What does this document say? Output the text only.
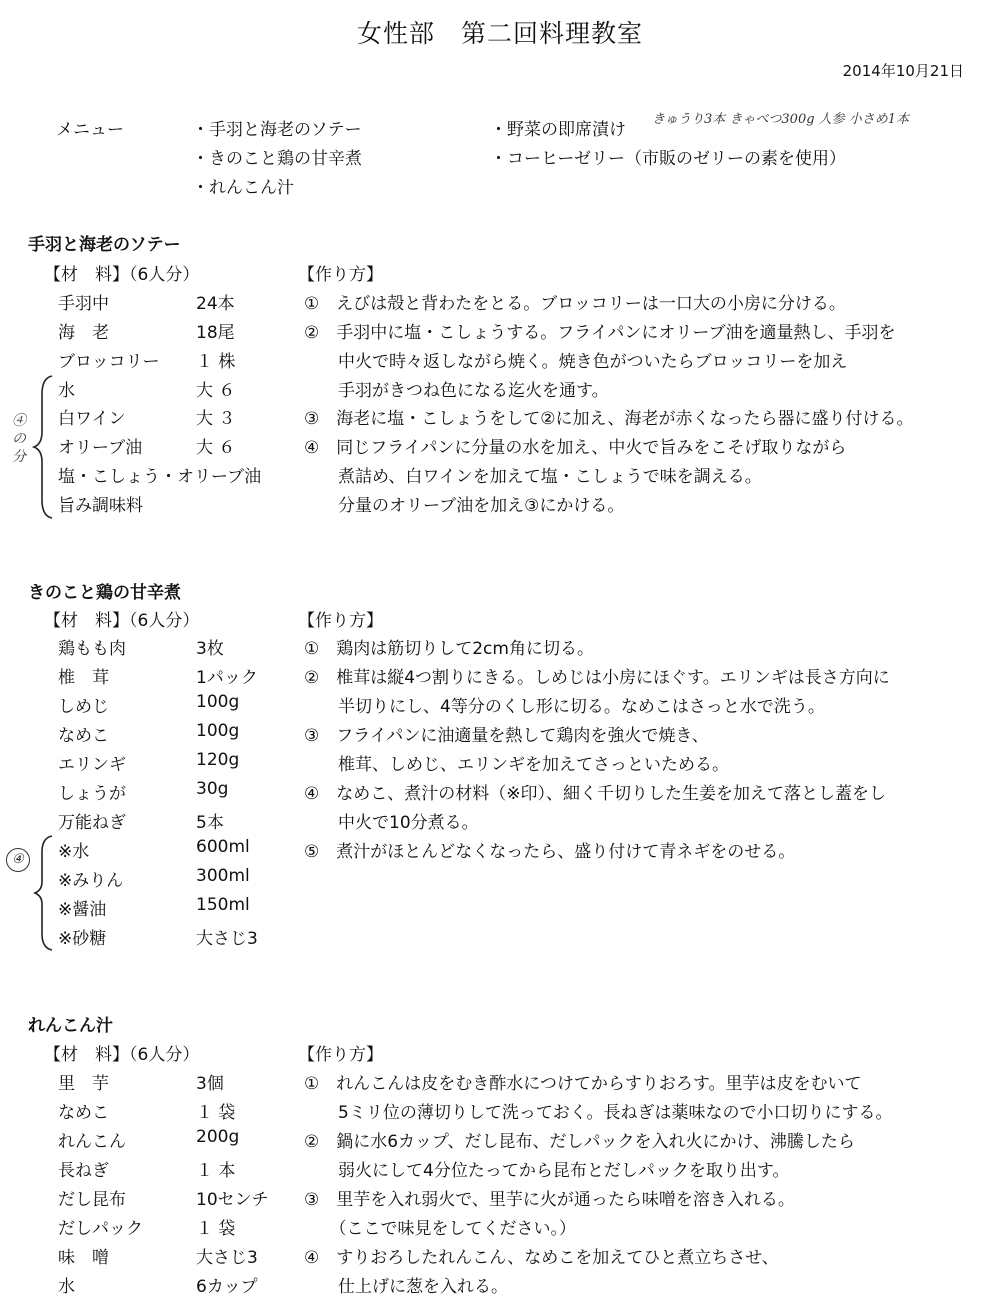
女性部　第二回料理教室
2014年10月21日
メニュー	・手羽と海老のソテー
・きのこと鶏の甘辛煮
・れんこん汁
・野菜の即席漬け
・コーヒーゼリー（市販のゼリーの素を使用）
きゅうり3本 きゃべつ300g 人参 小さめ1本
手羽と海老のソテー
【材　料】（6人分）	【作り方】
手羽中	24本
海　老	18尾
ブロッコリー １ 株
水	大 ６
白ワイン	大 ３
オリーブ油	大 ６
塩・こしょう・オリーブ油
旨み調味料
④の分
①　えびは殻と背わたをとる。ブロッコリーは一口大の小房に分ける。
②　手羽中に塩・こしょうする。フライパンにオリーブ油を適量熱し、手羽を
　　中火で時々返しながら焼く。焼き色がついたらブロッコリーを加え
　　手羽がきつね色になる迄火を通す。
③　海老に塩・こしょうをして②に加え、海老が赤くなったら器に盛り付ける。
④　同じフライパンに分量の水を加え、中火で旨みをこそげ取りながら
　　煮詰め、白ワインを加えて塩・こしょうで味を調える。
　　分量のオリーブ油を加え③にかける。
きのこと鶏の甘辛煮
【材　料】（6人分）	【作り方】
鶏もも肉	3枚
椎　茸	1パック
しめじ	100g
なめこ	100g
エリンギ	120g
しょうが	30g
万能ねぎ	5本
※水	600ml
※みりん	300ml
※醤油	150ml
※砂糖	大さじ3
④
①　鶏肉は筋切りして2cm角に切る。
②　椎茸は縦4つ割りにきる。しめじは小房にほぐす。エリンギは長さ方向に
　　半切りにし、4等分のくし形に切る。なめこはさっと水で洗う。
③　フライパンに油適量を熱して鶏肉を強火で焼き、
　　椎茸、しめじ、エリンギを加えてさっといためる。
④　なめこ、煮汁の材料（※印）、細く千切りした生姜を加えて落とし蓋をし
　　中火で10分煮る。
⑤　煮汁がほとんどなくなったら、盛り付けて青ネギをのせる。
れんこん汁
【材　料】（6人分）	【作り方】
里　芋	3個
なめこ	１ 袋
れんこん	200g
長ねぎ	１ 本
だし昆布	10センチ
だしパック	１ 袋
味　噌	大さじ3
水	6カップ
①　れんこんは皮をむき酢水につけてからすりおろす。里芋は皮をむいて
　　5ミリ位の薄切りして洗っておく。長ねぎは薬味なので小口切りにする。
②　鍋に水6カップ、だし昆布、だしパックを入れ火にかけ、沸騰したら
　　弱火にして4分位たってから昆布とだしパックを取り出す。
③　里芋を入れ弱火で、里芋に火が通ったら味噌を溶き入れる。
　　（ここで味見をしてください。）
④　すりおろしたれんこん、なめこを加えてひと煮立ちさせ、
　　仕上げに葱を入れる。
